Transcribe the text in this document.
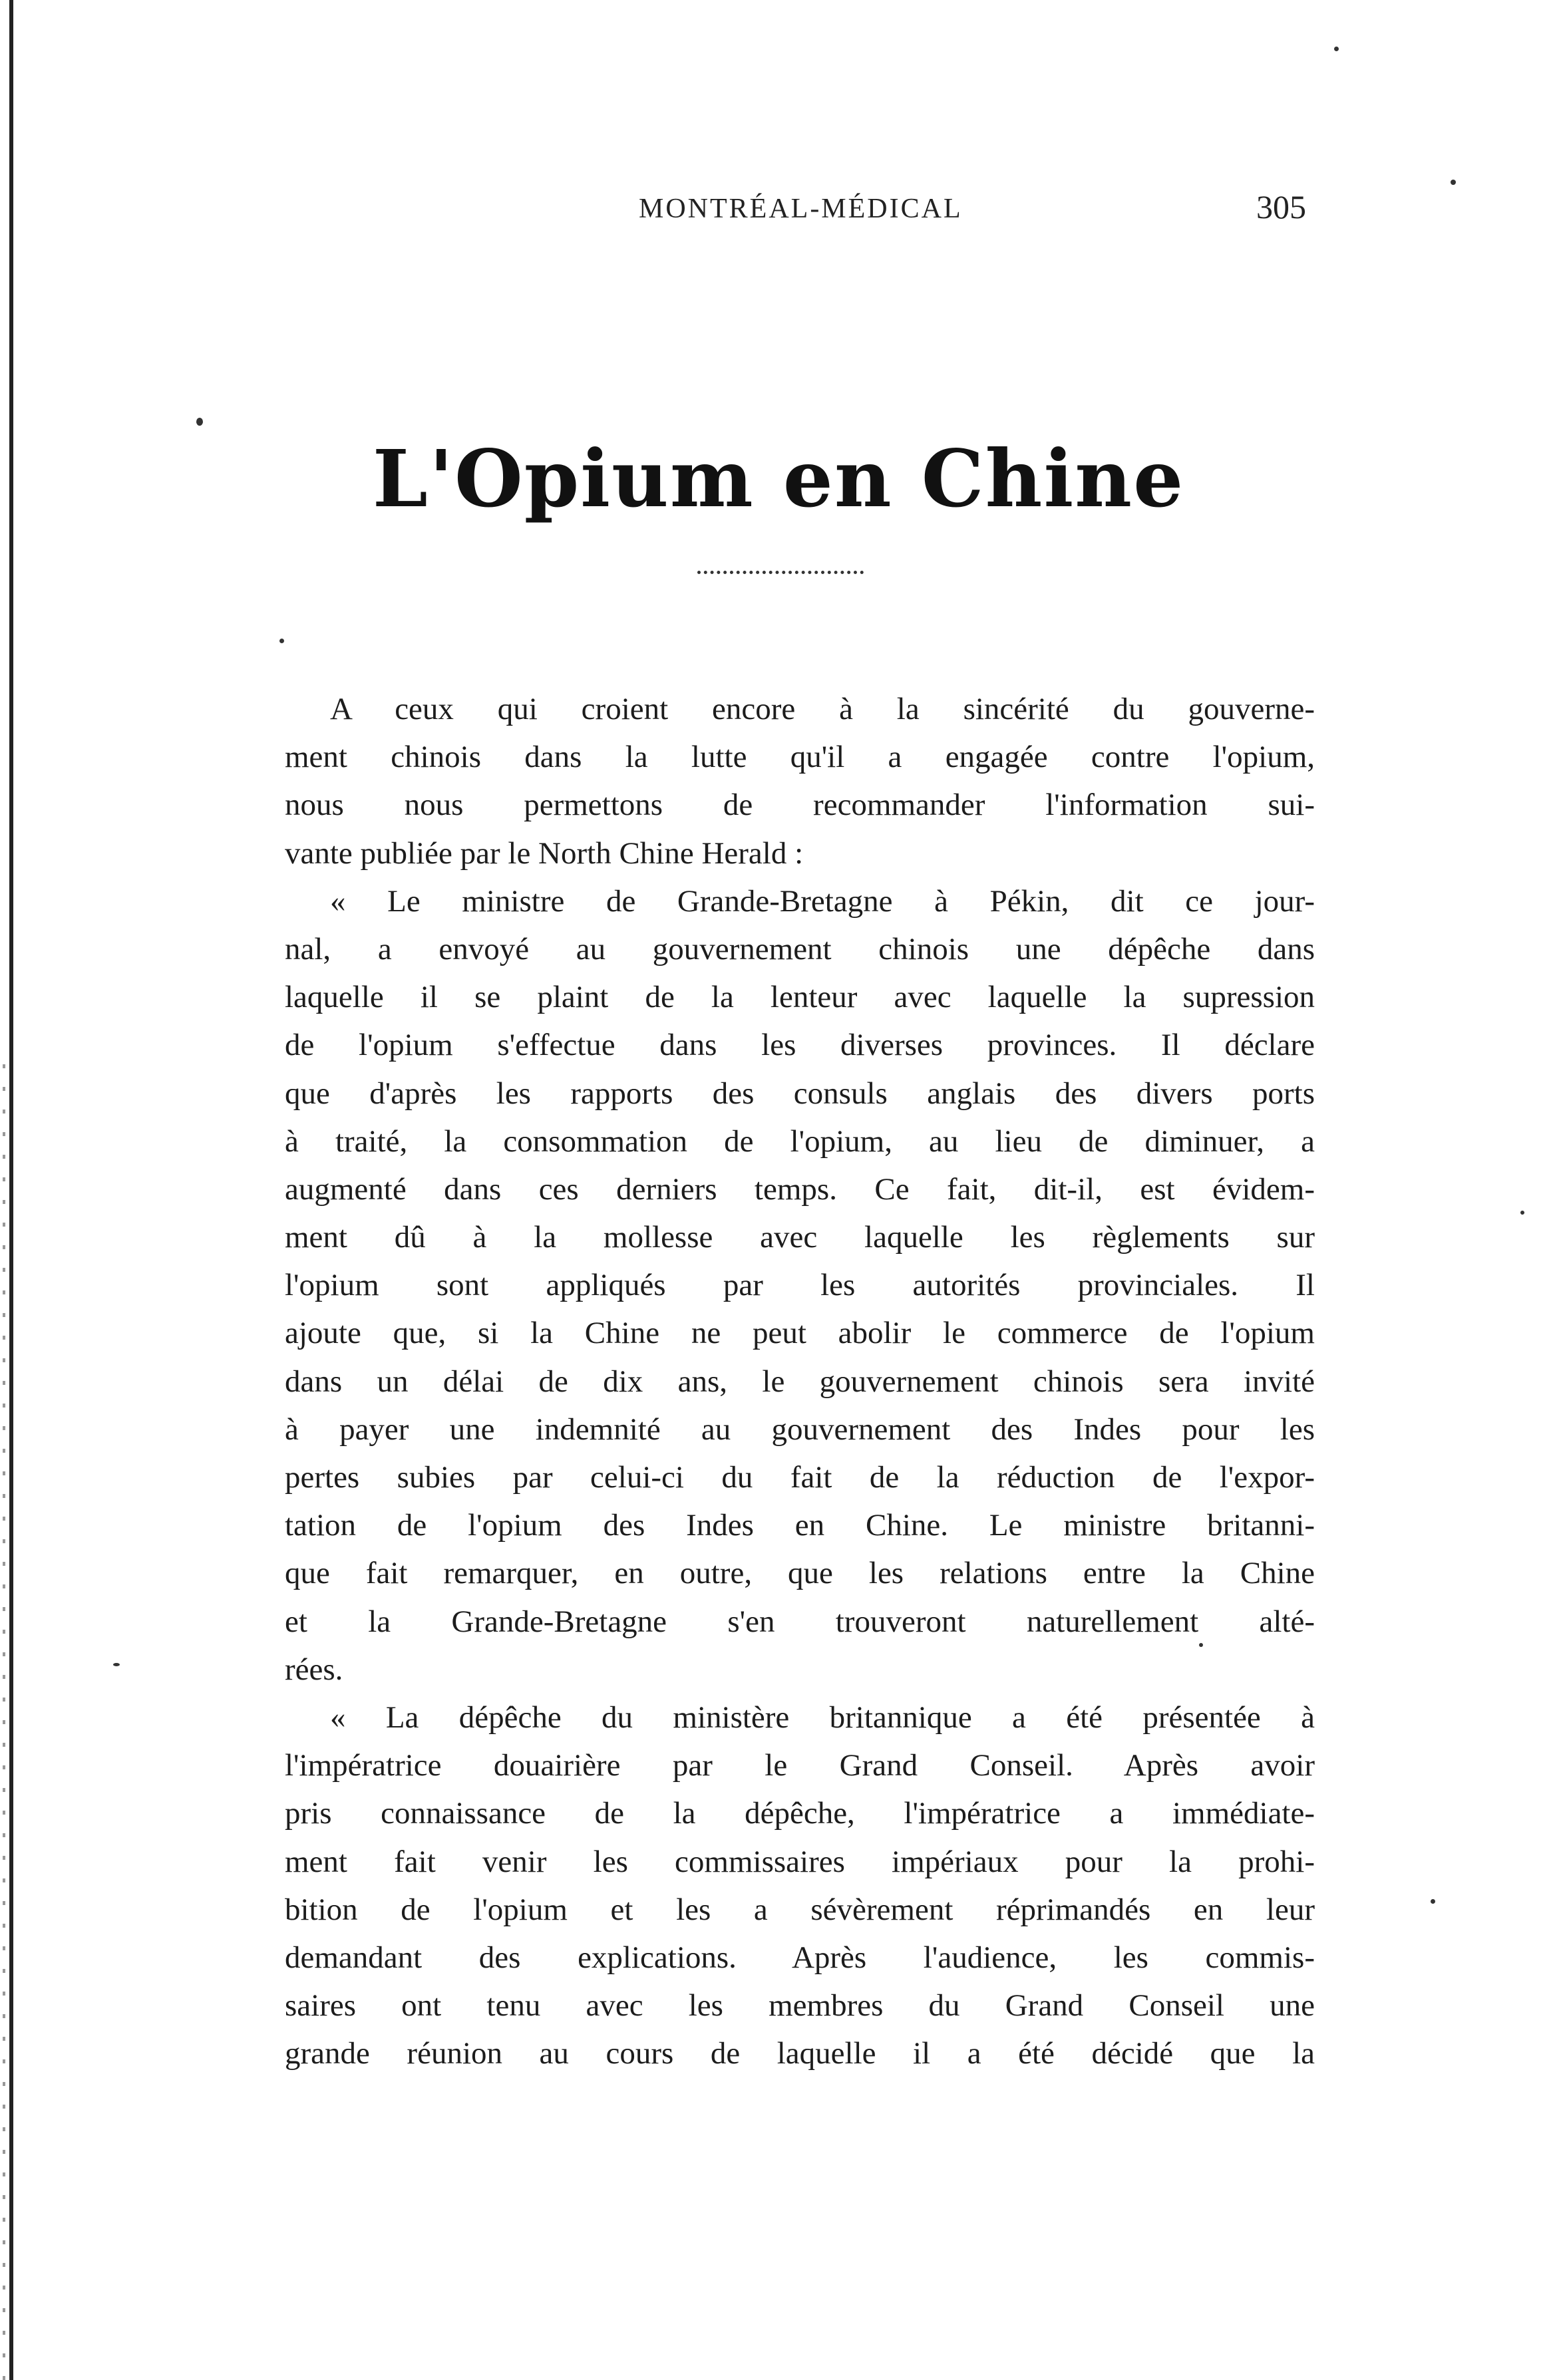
MONTRÉAL-MÉDICAL	305
L'Opium en Chine
A ceux qui croient encore à la sincérité du gouverne-
ment chinois dans la lutte qu'il a engagée contre l'opium,
nous nous permettons de recommander l'information sui-
vante publiée par le North Chine Herald :
« Le ministre de Grande-Bretagne à Pékin, dit ce jour-
nal, a envoyé au gouvernement chinois une dépêche dans
laquelle il se plaint de la lenteur avec laquelle la supression
de l'opium s'effectue dans les diverses provinces. Il déclare
que d'après les rapports des consuls anglais des divers ports
à traité, la consommation de l'opium, au lieu de diminuer, a
augmenté dans ces derniers temps. Ce fait, dit-il, est évidem-
ment dû à la mollesse avec laquelle les règlements sur
l'opium sont appliqués par les autorités provinciales. Il
ajoute que, si la Chine ne peut abolir le commerce de l'opium
dans un délai de dix ans, le gouvernement chinois sera invité
à payer une indemnité au gouvernement des Indes pour les
pertes subies par celui-ci du fait de la réduction de l'expor-
tation de l'opium des Indes en Chine. Le ministre britanni-
que fait remarquer, en outre, que les relations entre la Chine
et la Grande-Bretagne s'en trouveront naturellement alté-
rées.
« La dépêche du ministère britannique a été présentée à
l'impératrice douairière par le Grand Conseil. Après avoir
pris connaissance de la dépêche, l'impératrice a immédiate-
ment fait venir les commissaires impériaux pour la prohi-
bition de l'opium et les a sévèrement réprimandés en leur
demandant des explications. Après l'audience, les commis-
saires ont tenu avec les membres du Grand Conseil une
grande réunion au cours de laquelle il a été décidé que la
